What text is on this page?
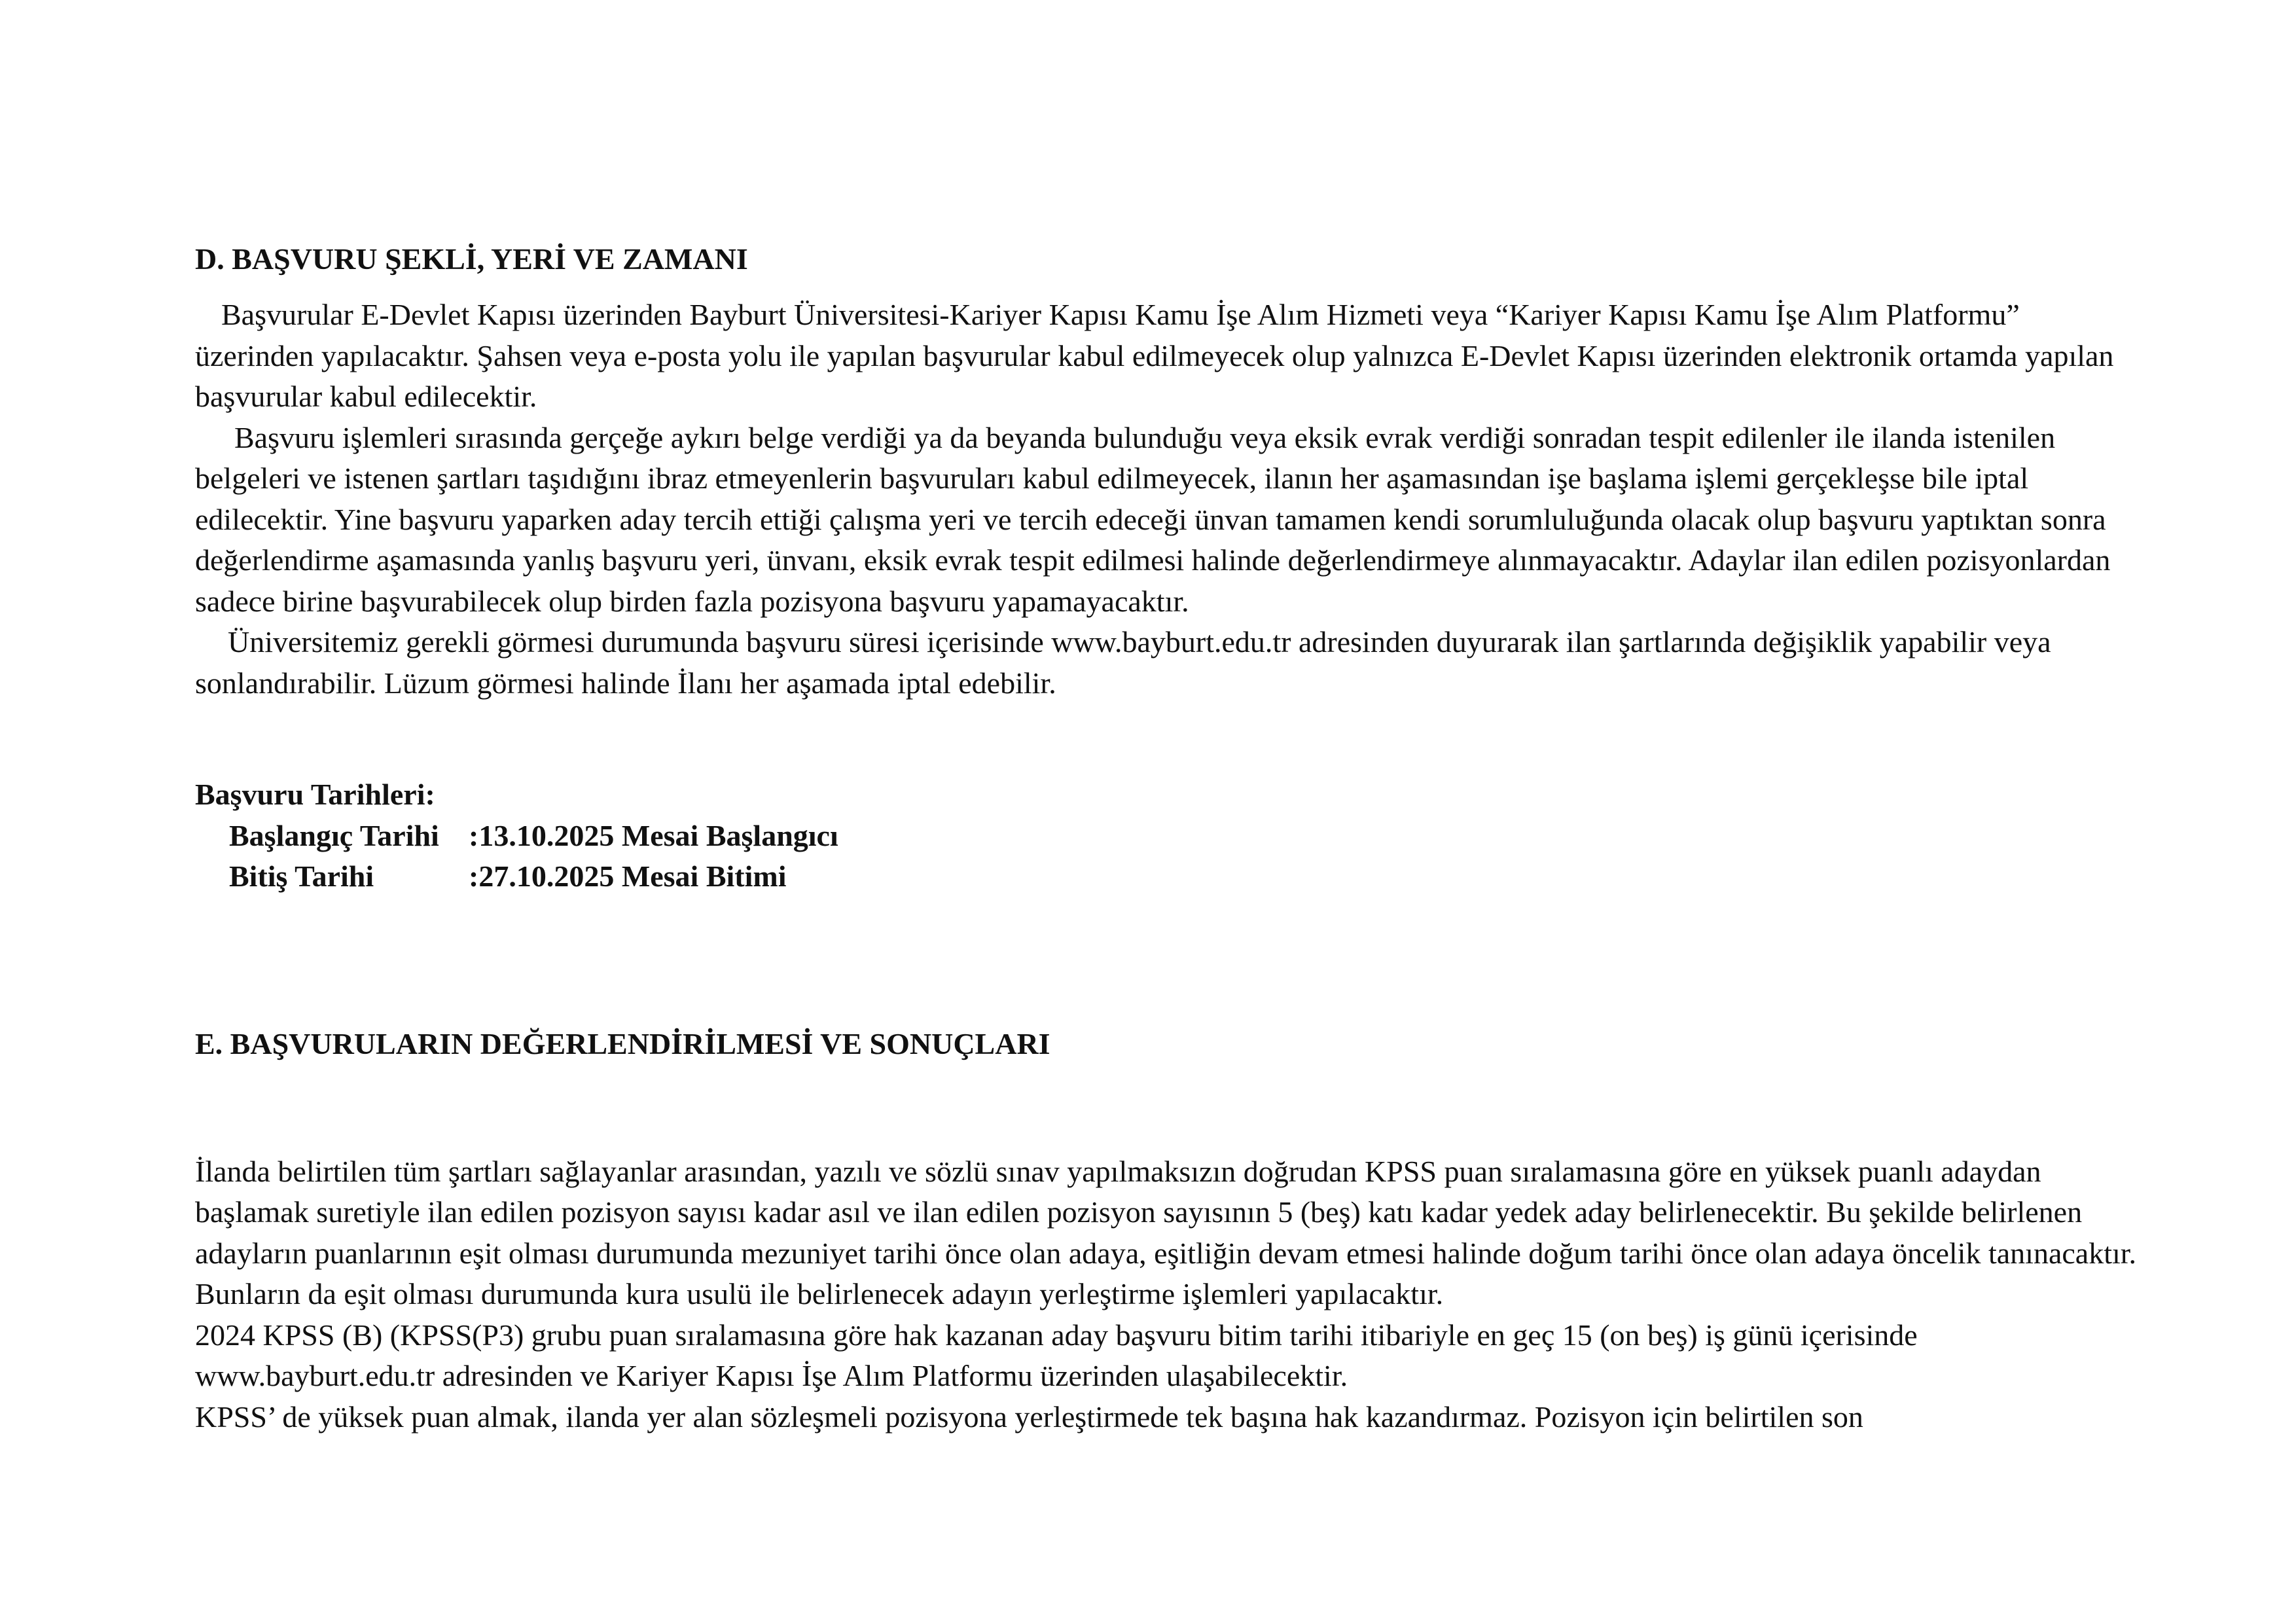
D. BAŞVURU ŞEKLİ, YERİ VE ZAMANI

Başvurular E-Devlet Kapısı üzerinden Bayburt Üniversitesi-Kariyer Kapısı Kamu İşe Alım Hizmeti veya “Kariyer Kapısı Kamu İşe Alım Platformu” üzerinden yapılacaktır. Şahsen veya e-posta yolu ile yapılan başvurular kabul edilmeyecek olup yalnızca E-Devlet Kapısı üzerinden elektronik ortamda yapılan başvurular kabul edilecektir.

Başvuru işlemleri sırasında gerçeğe aykırı belge verdiği ya da beyanda bulunduğu veya eksik evrak verdiği sonradan tespit edilenler ile ilanda istenilen belgeleri ve istenen şartları taşıdığını ibraz etmeyenlerin başvuruları kabul edilmeyecek, ilanın her aşamasından işe başlama işlemi gerçekleşse bile iptal edilecektir. Yine başvuru yaparken aday tercih ettiği çalışma yeri ve tercih edeceği ünvan tamamen kendi sorumluluğunda olacak olup başvuru yaptıktan sonra değerlendirme aşamasında yanlış başvuru yeri, ünvanı, eksik evrak tespit edilmesi halinde değerlendirmeye alınmayacaktır. Adaylar ilan edilen pozisyonlardan sadece birine başvurabilecek olup birden fazla pozisyona başvuru yapamayacaktır.

Üniversitemiz gerekli görmesi durumunda başvuru süresi içerisinde www.bayburt.edu.tr adresinden duyurarak ilan şartlarında değişiklik yapabilir veya sonlandırabilir. Lüzum görmesi halinde İlanı her aşamada iptal edebilir.

Başvuru Tarihleri:

Başlangıç Tarihi :13.10.2025 Mesai Başlangıcı
Bitiş Tarihi	:27.10.2025 Mesai Bitimi
E. BAŞVURULARIN DEĞERLENDİRİLMESİ VE SONUÇLARI

İlanda belirtilen tüm şartları sağlayanlar arasından, yazılı ve sözlü sınav yapılmaksızın doğrudan KPSS puan sıralamasına göre en yüksek puanlı adaydan başlamak suretiyle ilan edilen pozisyon sayısı kadar asıl ve ilan edilen pozisyon sayısının 5 (beş) katı kadar yedek aday belirlenecektir. Bu şekilde belirlenen adayların puanlarının eşit olması durumunda mezuniyet tarihi önce olan adaya, eşitliğin devam etmesi halinde doğum tarihi önce olan adaya öncelik tanınacaktır. Bunların da eşit olması durumunda kura usulü ile belirlenecek adayın yerleştirme işlemleri yapılacaktır.

2024 KPSS (B) (KPSS(P3) grubu puan sıralamasına göre hak kazanan aday başvuru bitim tarihi itibariyle en geç 15 (on beş) iş günü içerisinde www.bayburt.edu.tr adresinden ve Kariyer Kapısı İşe Alım Platformu üzerinden ulaşabilecektir.

KPSS’ de yüksek puan almak, ilanda yer alan sözleşmeli pozisyona yerleştirmede tek başına hak kazandırmaz. Pozisyon için belirtilen son
